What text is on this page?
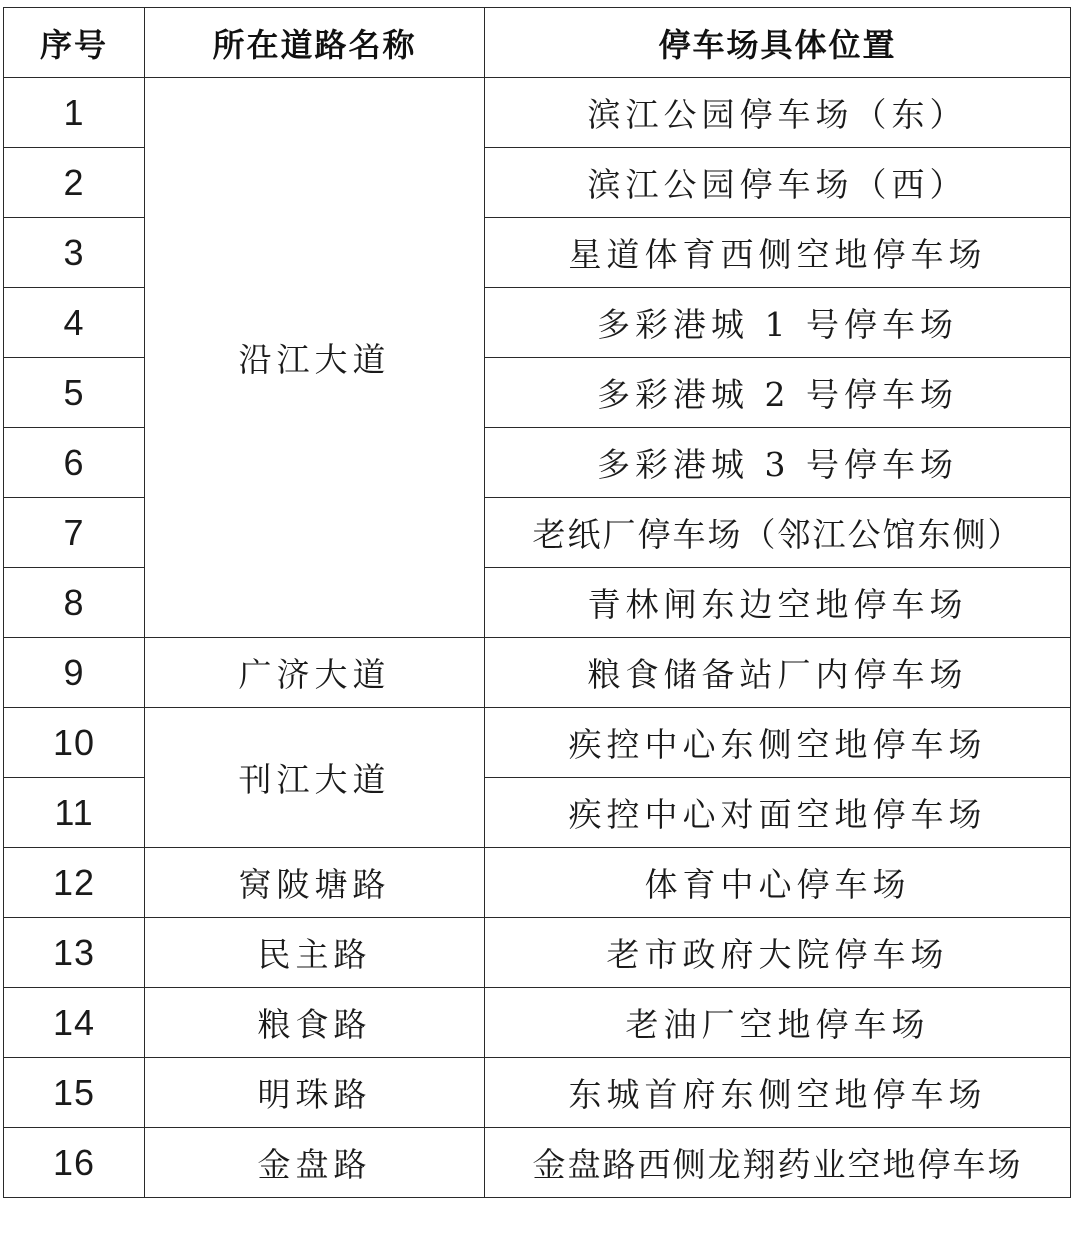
序号	所在道路名称	停车场具体位置
1	沿江大道	滨江公园停车场（东）
2		滨江公园停车场（西）
3		星道体育西侧空地停车场
4		多彩港城 1 号停车场
5		多彩港城 2 号停车场
6		多彩港城 3 号停车场
7		老纸厂停车场（邻江公馆东侧）
8		青林闸东边空地停车场
9	广济大道	粮食储备站厂内停车场
10	刊江大道	疾控中心东侧空地停车场
11		疾控中心对面空地停车场
12	窝陂塘路	体育中心停车场
13	民主路	老市政府大院停车场
14	粮食路	老油厂空地停车场
15	明珠路	东城首府东侧空地停车场
16	金盘路	金盘路西侧龙翔药业空地停车场
